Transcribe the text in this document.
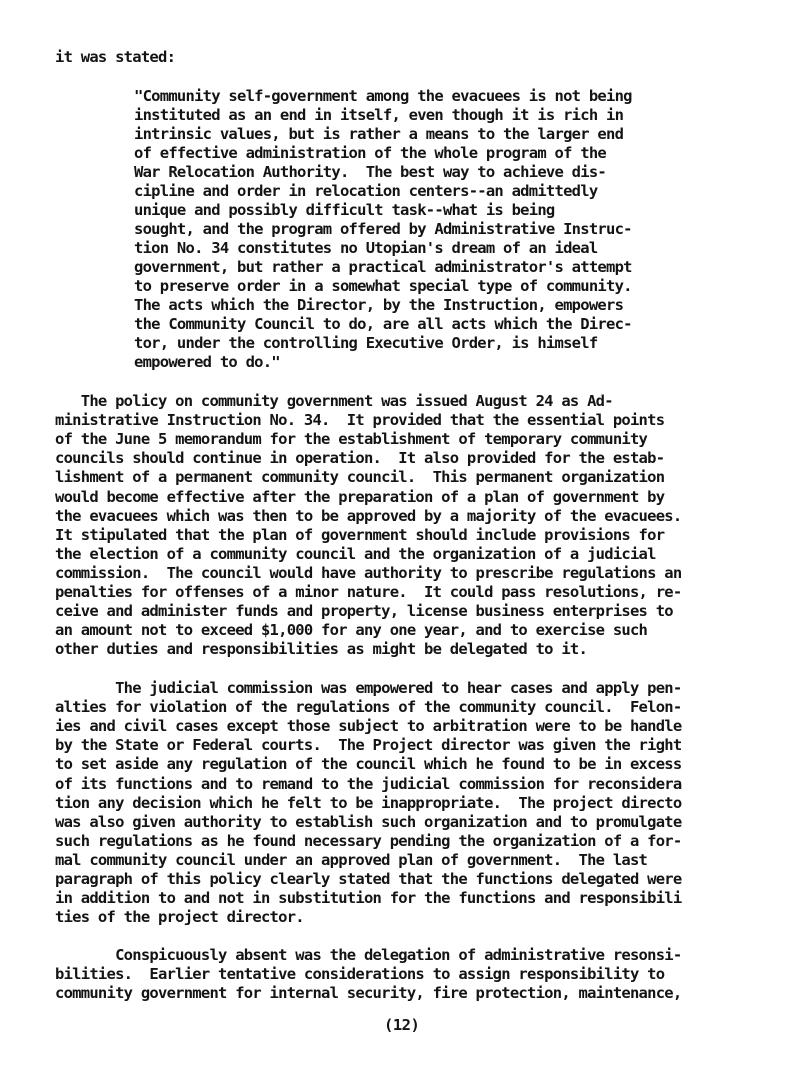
it was stated:
"Community self-government among the evacuees is not being
instituted as an end in itself, even though it is rich in
intrinsic values, but is rather a means to the larger end
of effective administration of the whole program of the
War Relocation Authority.  The best way to achieve dis-
cipline and order in relocation centers--an admittedly
unique and possibly difficult task--what is being
sought, and the program offered by Administrative Instruc-
tion No. 34 constitutes no Utopian's dream of an ideal
government, but rather a practical administrator's attempt
to preserve order in a somewhat special type of community.
The acts which the Director, by the Instruction, empowers
the Community Council to do, are all acts which the Direc-
tor, under the controlling Executive Order, is himself
empowered to do."
The policy on community government was issued August 24 as Ad-
ministrative Instruction No. 34.  It provided that the essential points
of the June 5 memorandum for the establishment of temporary community
councils should continue in operation.  It also provided for the estab-
lishment of a permanent community council.  This permanent organization
would become effective after the preparation of a plan of government by
the evacuees which was then to be approved by a majority of the evacuees.
It stipulated that the plan of government should include provisions for
the election of a community council and the organization of a judicial
commission.  The council would have authority to prescribe regulations an
penalties for offenses of a minor nature.  It could pass resolutions, re-
ceive and administer funds and property, license business enterprises to
an amount not to exceed $1,000 for any one year, and to exercise such
other duties and responsibilities as might be delegated to it.
The judicial commission was empowered to hear cases and apply pen-
alties for violation of the regulations of the community council.  Felon-
ies and civil cases except those subject to arbitration were to be handle
by the State or Federal courts.  The Project director was given the right
to set aside any regulation of the council which he found to be in excess
of its functions and to remand to the judicial commission for reconsidera
tion any decision which he felt to be inappropriate.  The project directo
was also given authority to establish such organization and to promulgate
such regulations as he found necessary pending the organization of a for-
mal community council under an approved plan of government.  The last
paragraph of this policy clearly stated that the functions delegated were
in addition to and not in substitution for the functions and responsibili
ties of the project director.
Conspicuously absent was the delegation of administrative resonsi-
bilities.  Earlier tentative considerations to assign responsibility to
community government for internal security, fire protection, maintenance,
(12)
